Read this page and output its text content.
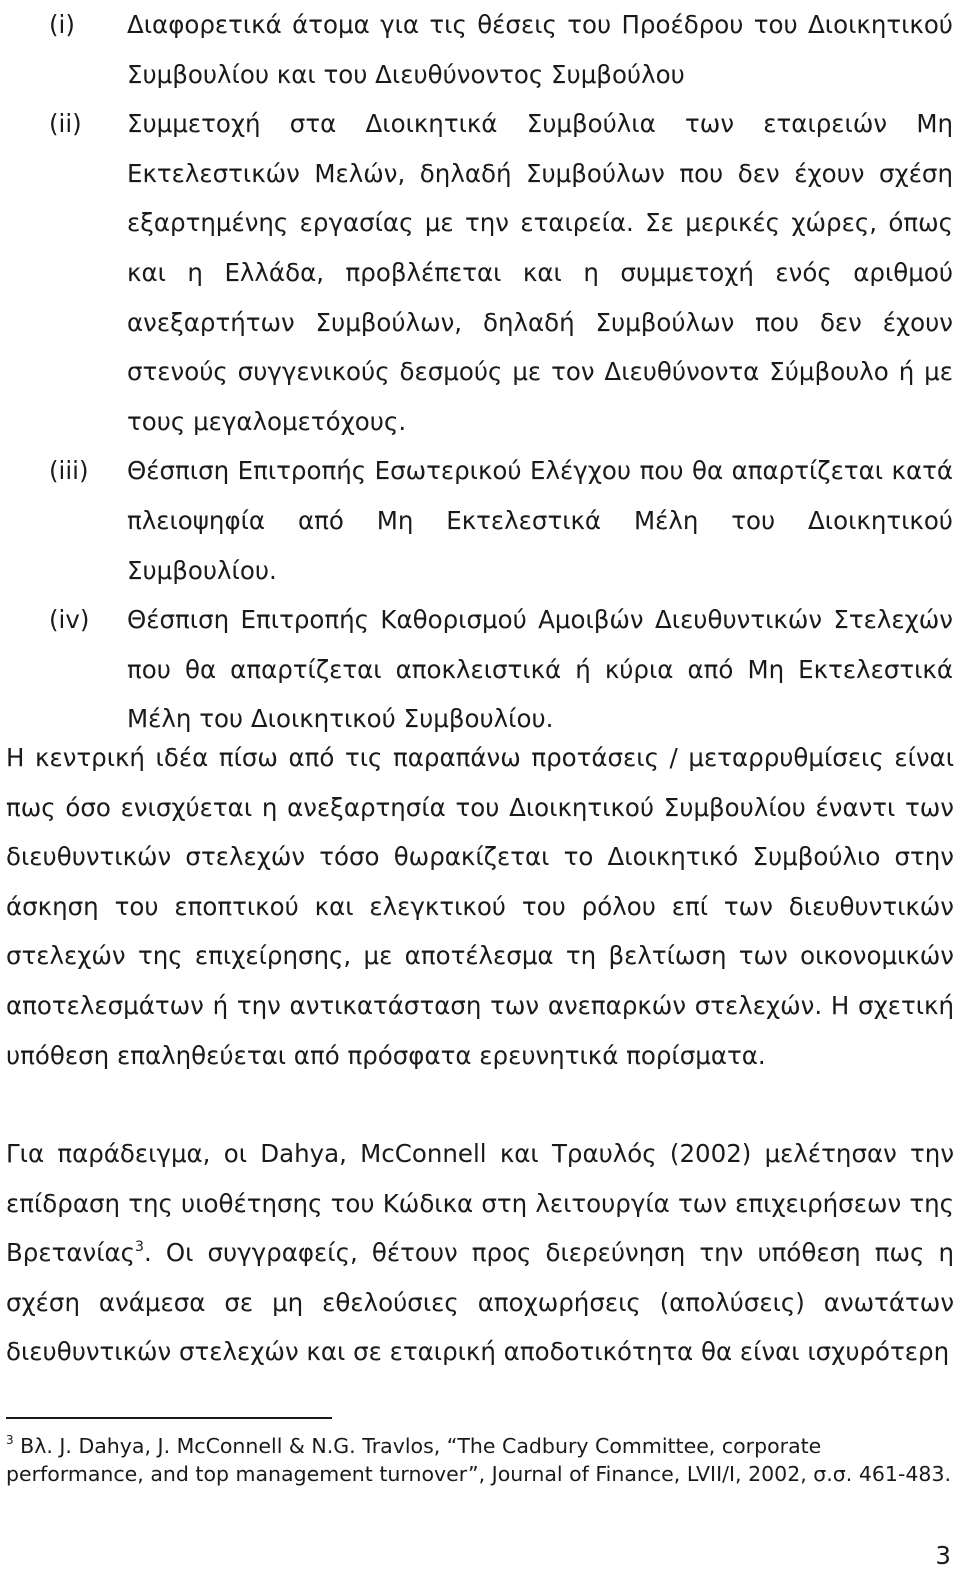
(i) Διαφορετικά άτομα για τις θέσεις του Προέδρου του Διοικητικού Συμβουλίου και του Διευθύνοντος Συμβούλου
(ii) Συμμετοχή στα Διοικητικά Συμβούλια των εταιρειών Μη Εκτελεστικών Μελών, δηλαδή Συμβούλων που δεν έχουν σχέση εξαρτημένης εργασίας με την εταιρεία. Σε μερικές χώρες, όπως και η Ελλάδα, προβλέπεται και η συμμετοχή ενός αριθμού ανεξαρτήτων Συμβούλων, δηλαδή Συμβούλων που δεν έχουν στενούς συγγενικούς δεσμούς με τον Διευθύνοντα Σύμβουλο ή με τους μεγαλομετόχους.
(iii) Θέσπιση Επιτροπής Εσωτερικού Ελέγχου που θα απαρτίζεται κατά πλειοψηφία από Μη Εκτελεστικά Μέλη του Διοικητικού Συμβουλίου.
(iv) Θέσπιση Επιτροπής Καθορισμού Αμοιβών Διευθυντικών Στελεχών που θα απαρτίζεται αποκλειστικά ή κύρια από Μη Εκτελεστικά Μέλη του Διοικητικού Συμβουλίου.

Η κεντρική ιδέα πίσω από τις παραπάνω προτάσεις / μεταρρυθμίσεις είναι πως όσο ενισχύεται η ανεξαρτησία του Διοικητικού Συμβουλίου έναντι των διευθυντικών στελεχών τόσο θωρακίζεται το Διοικητικό Συμβούλιο στην άσκηση του εποπτικού και ελεγκτικού του ρόλου επί των διευθυντικών στελεχών της επιχείρησης, με αποτέλεσμα τη βελτίωση των οικονομικών αποτελεσμάτων ή την αντικατάσταση των ανεπαρκών στελεχών. Η σχετική υπόθεση επαληθεύεται από πρόσφατα ερευνητικά πορίσματα.

Για παράδειγμα, οι Dahya, McConnell και Τραυλός (2002) μελέτησαν την επίδραση της υιοθέτησης του Κώδικα στη λειτουργία των επιχειρήσεων της Βρετανίας$^3$. Οι συγγραφείς, θέτουν προς διερεύνηση την υπόθεση πως η σχέση ανάμεσα σε μη εθελούσιες αποχωρήσεις (απολύσεις) ανωτάτων διευθυντικών στελεχών και σε εταιρική αποδοτικότητα θα είναι ισχυρότερη

$^3$ Βλ. J. Dahya, J. McConnell & N.G. Travlos, “The Cadbury Committee, corporate performance, and top management turnover”, Journal of Finance, LVII/I, 2002, σ.σ. 461-483.

3
